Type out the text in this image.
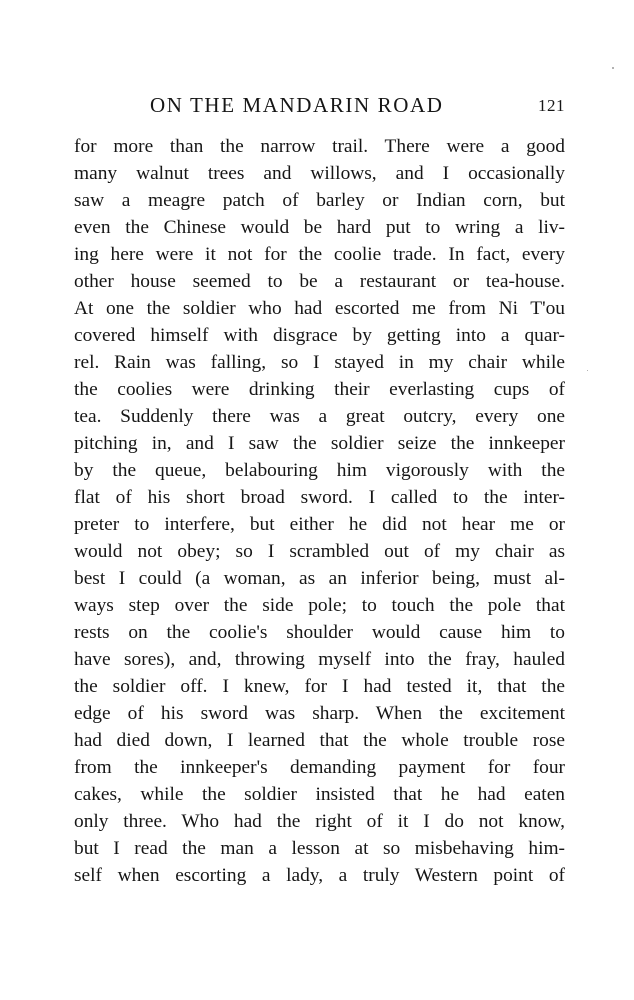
ON THE MANDARIN ROAD	121
for more than the narrow trail. There were a good
many walnut trees and willows, and I occasionally
saw a meagre patch of barley or Indian corn, but
even the Chinese would be hard put to wring a liv-
ing here were it not for the coolie trade. In fact, every
other house seemed to be a restaurant or tea-house.
At one the soldier who had escorted me from Ni T'ou
covered himself with disgrace by getting into a quar-
rel. Rain was falling, so I stayed in my chair while
the coolies were drinking their everlasting cups of
tea. Suddenly there was a great outcry, every one
pitching in, and I saw the soldier seize the innkeeper
by the queue, belabouring him vigorously with the
flat of his short broad sword. I called to the inter-
preter to interfere, but either he did not hear me or
would not obey; so I scrambled out of my chair as
best I could (a woman, as an inferior being, must al-
ways step over the side pole; to touch the pole that
rests on the coolie's shoulder would cause him to
have sores), and, throwing myself into the fray, hauled
the soldier off. I knew, for I had tested it, that the
edge of his sword was sharp. When the excitement
had died down, I learned that the whole trouble rose
from the innkeeper's demanding payment for four
cakes, while the soldier insisted that he had eaten
only three. Who had the right of it I do not know,
but I read the man a lesson at so misbehaving him-
self when escorting a lady, a truly Western point of
